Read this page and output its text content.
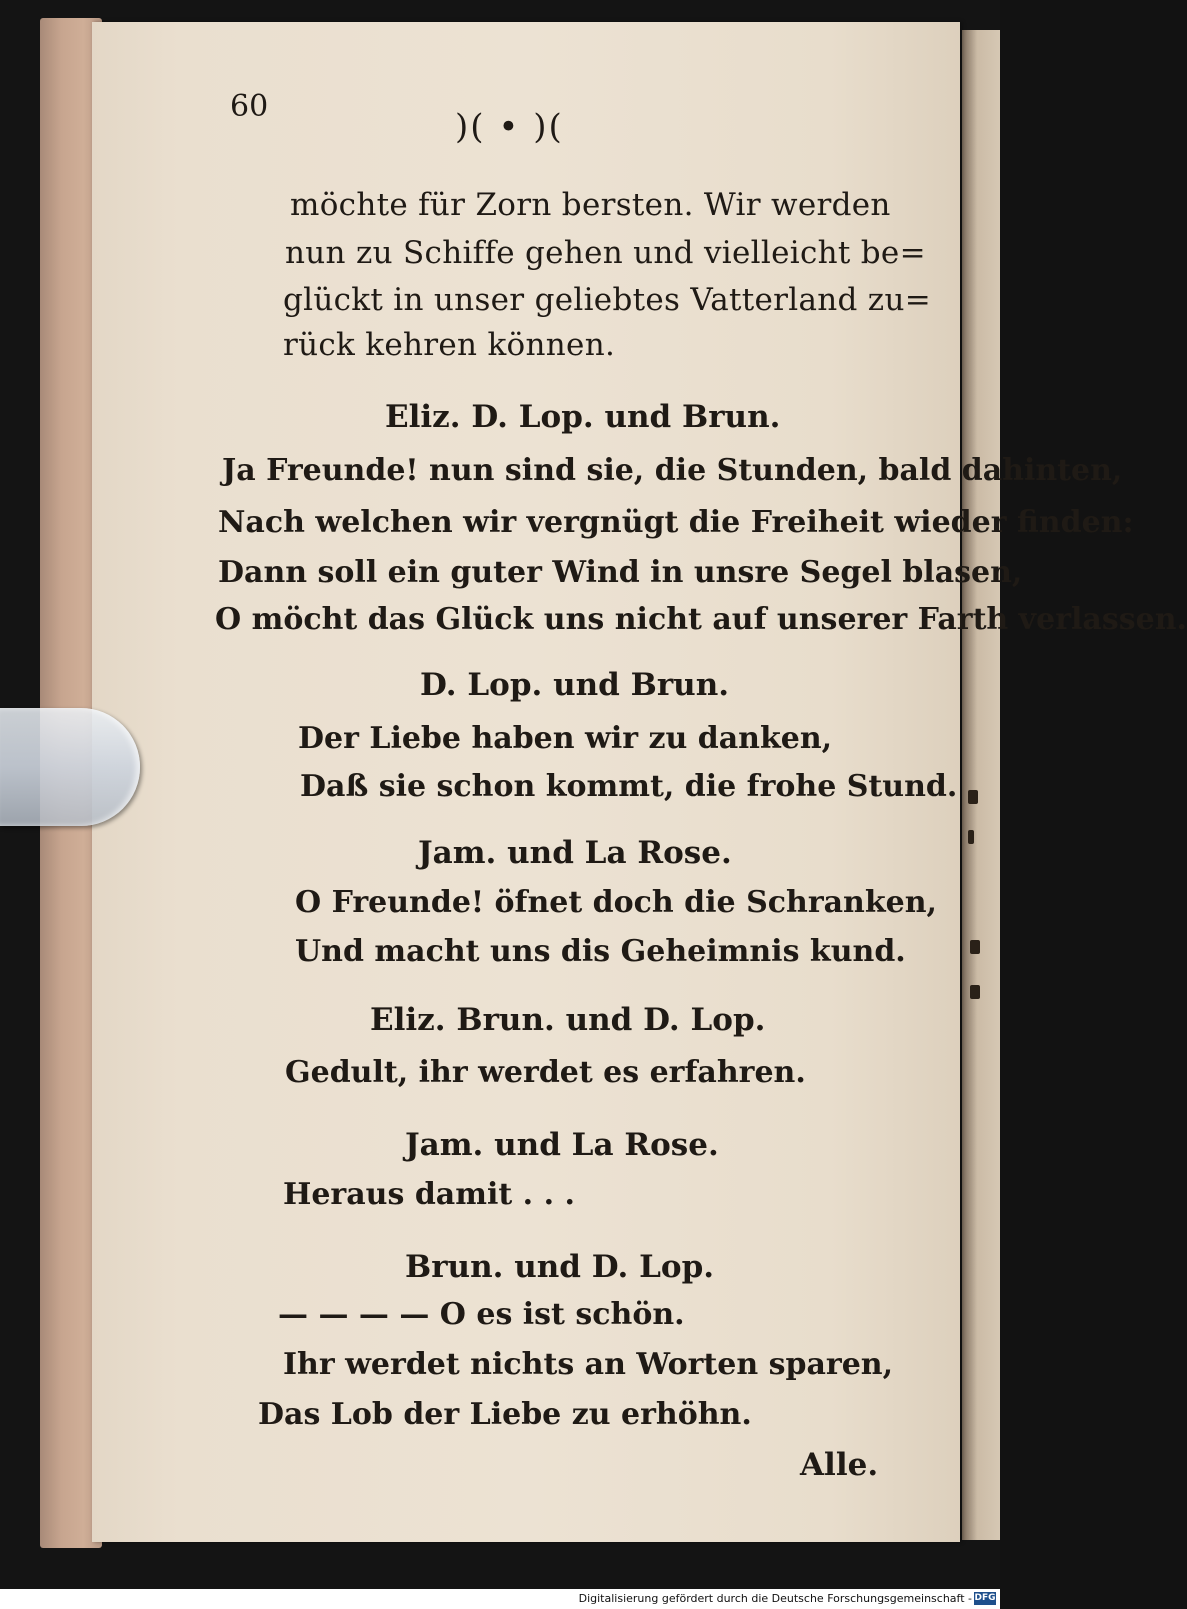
60
)( • )(
möchte für Zorn bersten. Wir werden
nun zu Schiffe gehen und vielleicht be=
glückt in unser geliebtes Vatterland zu=
rück kehren können.
Eliz. D. Lop. und Brun.
Ja Freunde! nun sind sie, die Stunden, bald dahinten,
Nach welchen wir vergnügt die Freiheit wieder finden:
Dann soll ein guter Wind in unsre Segel blasen,
O möcht das Glück uns nicht auf unserer Farth verlassen.
D. Lop. und Brun.
Der Liebe haben wir zu danken,
Daß sie schon kommt, die frohe Stund.
Jam. und La Rose.
O Freunde! öfnet doch die Schranken,
Und macht uns dis Geheimnis kund.
Eliz. Brun. und D. Lop.
Gedult, ihr werdet es erfahren.
Jam. und La Rose.
Heraus damit . . .
Brun. und D. Lop.
— — — — O es ist schön.
Ihr werdet nichts an Worten sparen,
Das Lob der Liebe zu erhöhn.
Alle.
Digitalisierung gefördert durch die Deutsche Forschungsgemeinschaft - DFG
